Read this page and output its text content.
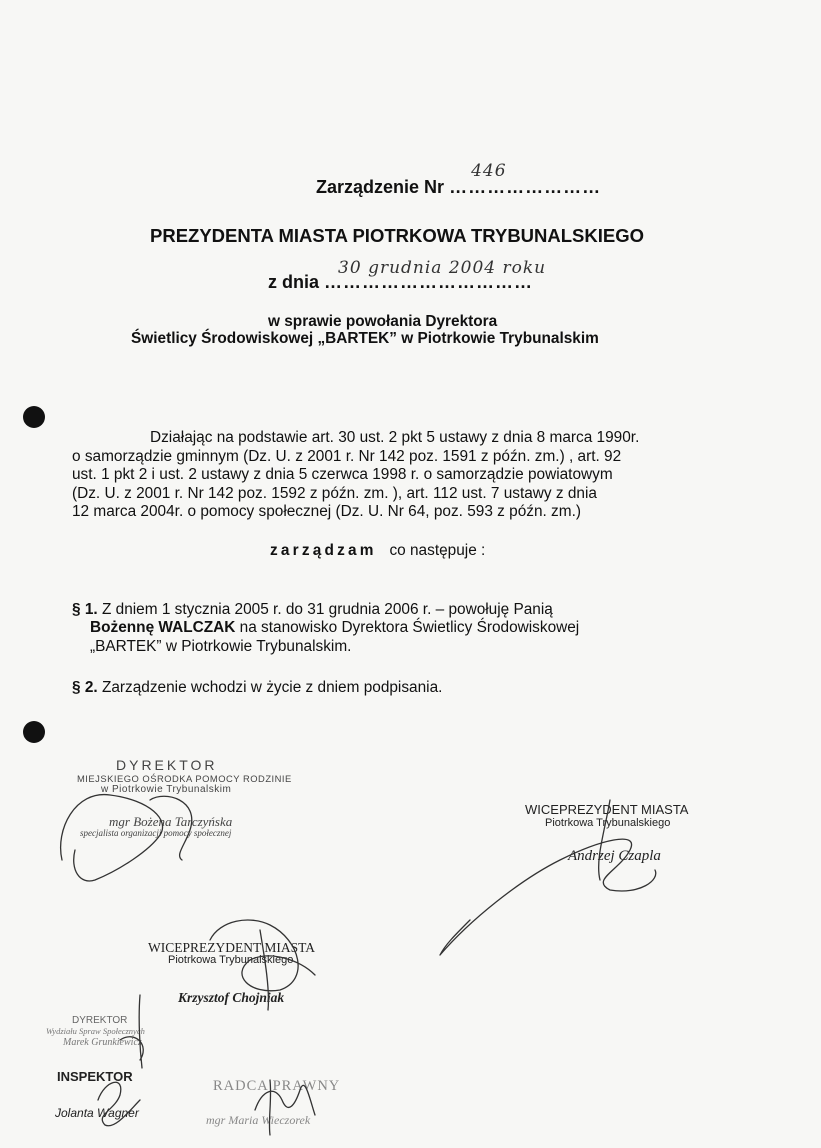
Zarządzenie Nr ……………………
446
PREZYDENTA MIASTA PIOTRKOWA TRYBUNALSKIEGO
z dnia ……………………………
30 grudnia 2004 roku
w sprawie powołania Dyrektora
Świetlicy Środowiskowej „BARTEK” w Piotrkowie Trybunalskim
Działając na podstawie art. 30 ust. 2 pkt 5 ustawy z dnia 8 marca 1990r.
o samorządzie gminnym (Dz. U. z 2001 r. Nr 142 poz. 1591 z późn. zm.) , art. 92
ust. 1 pkt 2 i ust. 2 ustawy z dnia 5 czerwca 1998 r. o samorządzie powiatowym
(Dz. U. z 2001 r. Nr 142 poz. 1592 z późn. zm. ), art. 112 ust. 7 ustawy z dnia
12 marca 2004r. o pomocy społecznej (Dz. U. Nr 64, poz. 593 z późn. zm.)
zarządzam co następuje :
§ 1. Z dniem 1 stycznia 2005 r. do 31 grudnia 2006 r. – powołuję Panią
Bożennę WALCZAK na stanowisko Dyrektora Świetlicy Środowiskowej
„BARTEK” w Piotrkowie Trybunalskim.
§ 2. Zarządzenie wchodzi w życie z dniem podpisania.
DYREKTOR
MIEJSKIEGO OŚRODKA POMOCY RODZINIE
w Piotrkowie Trybunalskim
mgr Bożena Tarczyńska
specjalista organizacji pomocy społecznej
WICEPREZYDENT MIASTA
Piotrkowa Trybunalskiego
Andrzej Czapla
WICEPREZYDENT MIASTA
Piotrkowa Trybunalskiego
Krzysztof Chojniak
DYREKTOR
Wydziału Spraw Społecznych
Marek Grunkiewicz
INSPEKTOR
Jolanta Wagner
RADCA PRAWNY
mgr Maria Wieczorek
